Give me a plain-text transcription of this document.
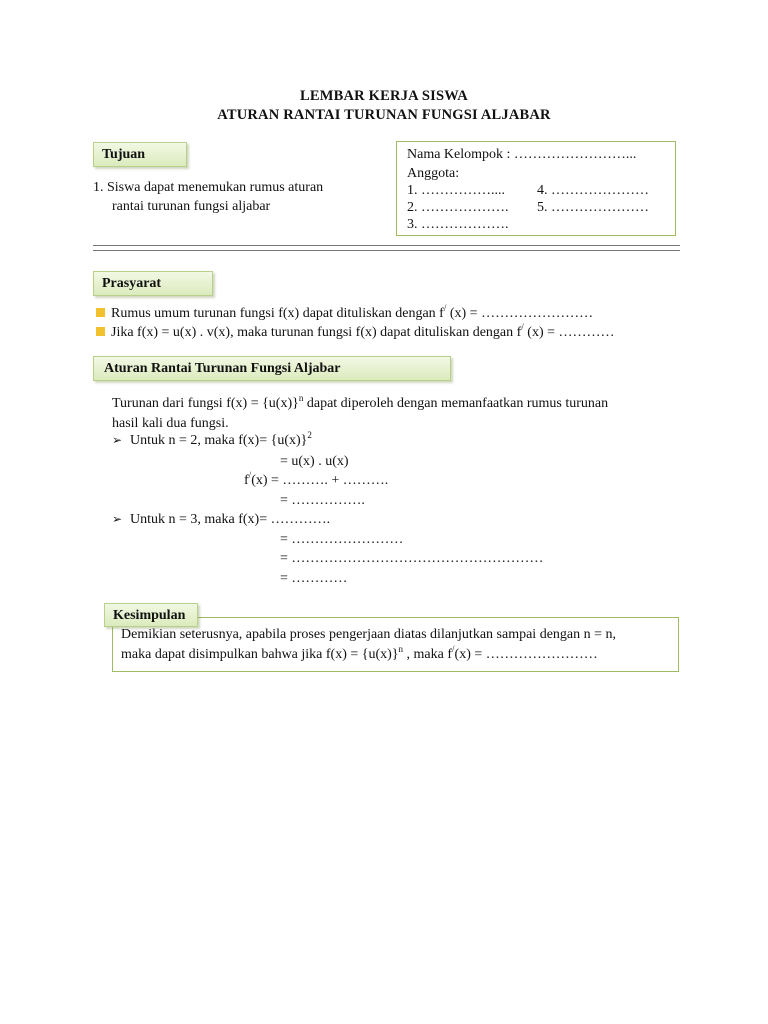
LEMBAR KERJA SISWA
ATURAN RANTAI TURUNAN FUNGSI ALJABAR
Tujuan
1. Siswa dapat menemukan rumus aturan
rantai turunan fungsi aljabar
Nama Kelompok : ……………………...
Anggota:
1. …………….... 4. …………………
2. ………………. 5. …………………
3. ……………….
Prasyarat
Rumus umum turunan fungsi f(x) dapat dituliskan dengan f/ (x) = ……………………
Jika f(x) = u(x) . v(x), maka turunan fungsi f(x) dapat dituliskan dengan f/ (x) = …………
Aturan Rantai Turunan Fungsi Aljabar
Turunan dari fungsi $f(x) = \{u(x)\}^n$ dapat diperoleh dengan memanfaatkan rumus turunan
hasil kali dua fungsi.
➢ Untuk n = 2, maka $f(x)= \{u(x)\}^2$
= u(x) . u(x)
f/(x) = ………. + ……….
= …………….
➢ Untuk n = 3, maka f(x)= ………….
= ……………………
= ………………………………………………
= …………
Demikian seterusnya, apabila proses pengerjaan diatas dilanjutkan sampai dengan n = n,
maka dapat disimpulkan bahwa jika $f(x) = \{u(x)\}^n$ , maka f/(x) = ……………………
Kesimpulan
